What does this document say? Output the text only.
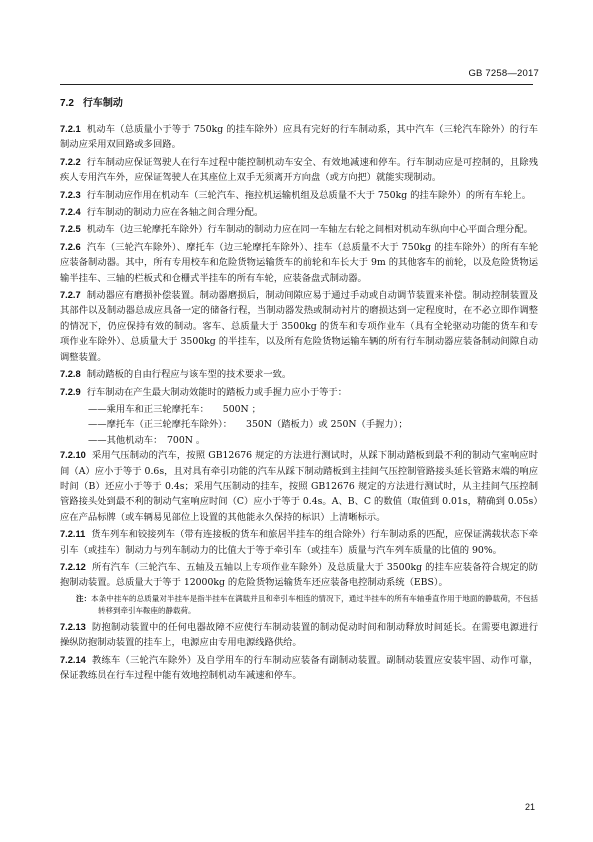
GB 7258—2017
7.2 行车制动

7.2.1 机动车（总质量小于等于 750kg 的挂车除外）应具有完好的行车制动系，其中汽车（三轮汽车除外）的行车制动应采用双回路或多回路。

7.2.2 行车制动应保证驾驶人在行车过程中能控制机动车安全、有效地减速和停车。行车制动应是可控制的，且除残疾人专用汽车外，应保证驾驶人在其座位上双手无须离开方向盘（或方向把）就能实现制动。

7.2.3 行车制动应作用在机动车（三轮汽车、拖拉机运输机组及总质量不大于 750kg 的挂车除外）的所有车轮上。

7.2.4 行车制动的制动力应在各轴之间合理分配。

7.2.5 机动车（边三轮摩托车除外）行车制动的制动力应在同一车轴左右轮之间相对机动车纵向中心平面合理分配。

7.2.6 汽车（三轮汽车除外）、摩托车（边三轮摩托车除外）、挂车（总质量不大于 750kg 的挂车除外）的所有车轮应装备制动器。其中，所有专用校车和危险货物运输货车的前轮和车长大于 9m 的其他客车的前轮，以及危险货物运输半挂车、三轴的栏板式和仓栅式半挂车的所有车轮，应装备盘式制动器。

7.2.7 制动器应有磨损补偿装置。制动器磨损后，制动间隙应易于通过手动或自动调节装置来补偿。制动控制装置及其部件以及制动器总成应具备一定的储备行程，当制动器发热或制动衬片的磨损达到一定程度时，在不必立即作调整的情况下，仍应保持有效的制动。客车、总质量大于 3500kg 的货车和专项作业车（具有全轮驱动功能的货车和专项作业车除外）、总质量大于 3500kg 的半挂车，以及所有危险货物运输车辆的所有行车制动器应装备制动间隙自动调整装置。

7.2.8 制动踏板的自由行程应与该车型的技术要求一致。

7.2.9 行车制动在产生最大制动效能时的踏板力或手握力应小于等于：

——乘用车和正三轮摩托车：　　500N ；
——摩托车（正三轮摩托车除外）：　　350N（踏板力）或 250N（手握力）；
——其他机动车：　700N 。

7.2.10 采用气压制动的汽车，按照 GB12676 规定的方法进行测试时，从踩下制动踏板到最不利的制动气室响应时间（A）应小于等于 0.6s，且对具有牵引功能的汽车从踩下制动踏板到主挂间气压控制管路接头延长管路末端的响应时间（B）还应小于等于 0.4s；采用气压制动的挂车，按照 GB12676 规定的方法进行测试时，从主挂间气压控制管路接头处到最不利的制动气室响应时间（C）应小于等于 0.4s。A、B、C 的数值（取值到 0.01s，精确到 0.05s）应在产品标牌（或车辆易见部位上设置的其他能永久保持的标识）上清晰标示。

7.2.11 货车列车和铰接列车（带有连接板的货车和旅居半挂车的组合除外）行车制动系的匹配，应保证满载状态下牵引车（或挂车）制动力与列车制动力的比值大于等于牵引车（或挂车）质量与汽车列车质量的比值的 90%。

7.2.12 所有汽车（三轮汽车、五轴及五轴以上专项作业车除外）及总质量大于 3500kg 的挂车应装备符合规定的防抱制动装置。总质量大于等于 12000kg 的危险货物运输货车还应装备电控制动系统（EBS）。

注：本条中挂车的总质量对半挂车是指半挂车在满载并且和牵引车相连的情况下，通过半挂车的所有车轴垂直作用于地面的静载荷，不包括转移到牵引车鞍座的静载荷。

7.2.13 防抱制动装置中的任何电器故障不应使行车制动装置的制动促动时间和制动释放时间延长。在需要电源进行操纵防抱制动装置的挂车上，电源应由专用电源线路供给。

7.2.14 教练车（三轮汽车除外）及自学用车的行车制动应装备有副制动装置。副制动装置应安装牢固、动作可靠，保证教练员在行车过程中能有效地控制机动车减速和停车。

21
